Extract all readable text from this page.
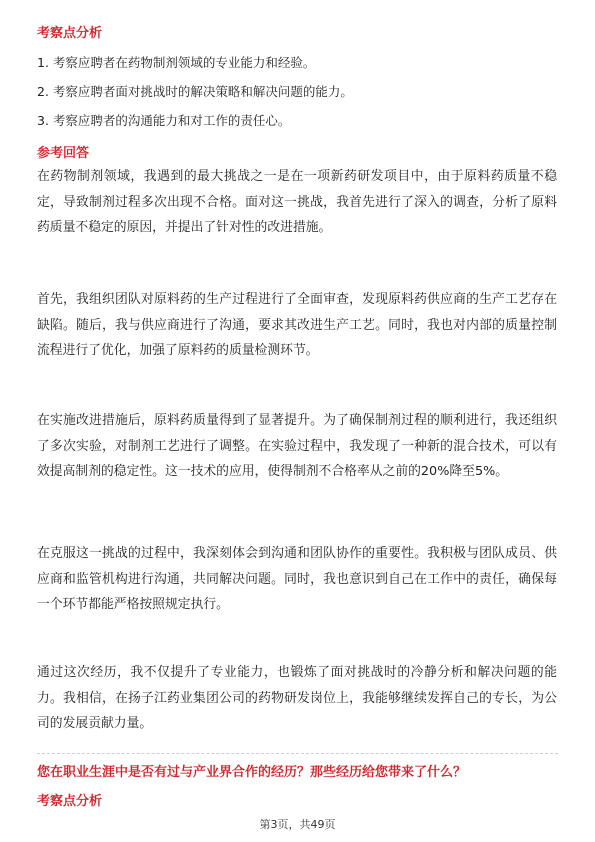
考察点分析
1. 考察应聘者在药物制剂领域的专业能力和经验。
2. 考察应聘者面对挑战时的解决策略和解决问题的能力。
3. 考察应聘者的沟通能力和对工作的责任心。
参考回答

在药物制剂领域，我遇到的最大挑战之一是在一项新药研发项目中，由于原料药质量不稳定，导致制剂过程多次出现不合格。面对这一挑战，我首先进行了深入的调查，分析了原料药质量不稳定的原因，并提出了针对性的改进措施。

首先，我组织团队对原料药的生产过程进行了全面审查，发现原料药供应商的生产工艺存在缺陷。随后，我与供应商进行了沟通，要求其改进生产工艺。同时，我也对内部的质量控制流程进行了优化，加强了原料药的质量检测环节。

在实施改进措施后，原料药质量得到了显著提升。为了确保制剂过程的顺利进行，我还组织了多次实验，对制剂工艺进行了调整。在实验过程中，我发现了一种新的混合技术，可以有效提高制剂的稳定性。这一技术的应用，使得制剂不合格率从之前的20%降至5%。

在克服这一挑战的过程中，我深刻体会到沟通和团队协作的重要性。我积极与团队成员、供应商和监管机构进行沟通，共同解决问题。同时，我也意识到自己在工作中的责任，确保每一个环节都能严格按照规定执行。

通过这次经历，我不仅提升了专业能力，也锻炼了面对挑战时的冷静分析和解决问题的能力。我相信，在扬子江药业集团公司的药物研发岗位上，我能够继续发挥自己的专长，为公司的发展贡献力量。

您在职业生涯中是否有过与产业界合作的经历？那些经历给您带来了什么？
考察点分析
第3页，共49页
